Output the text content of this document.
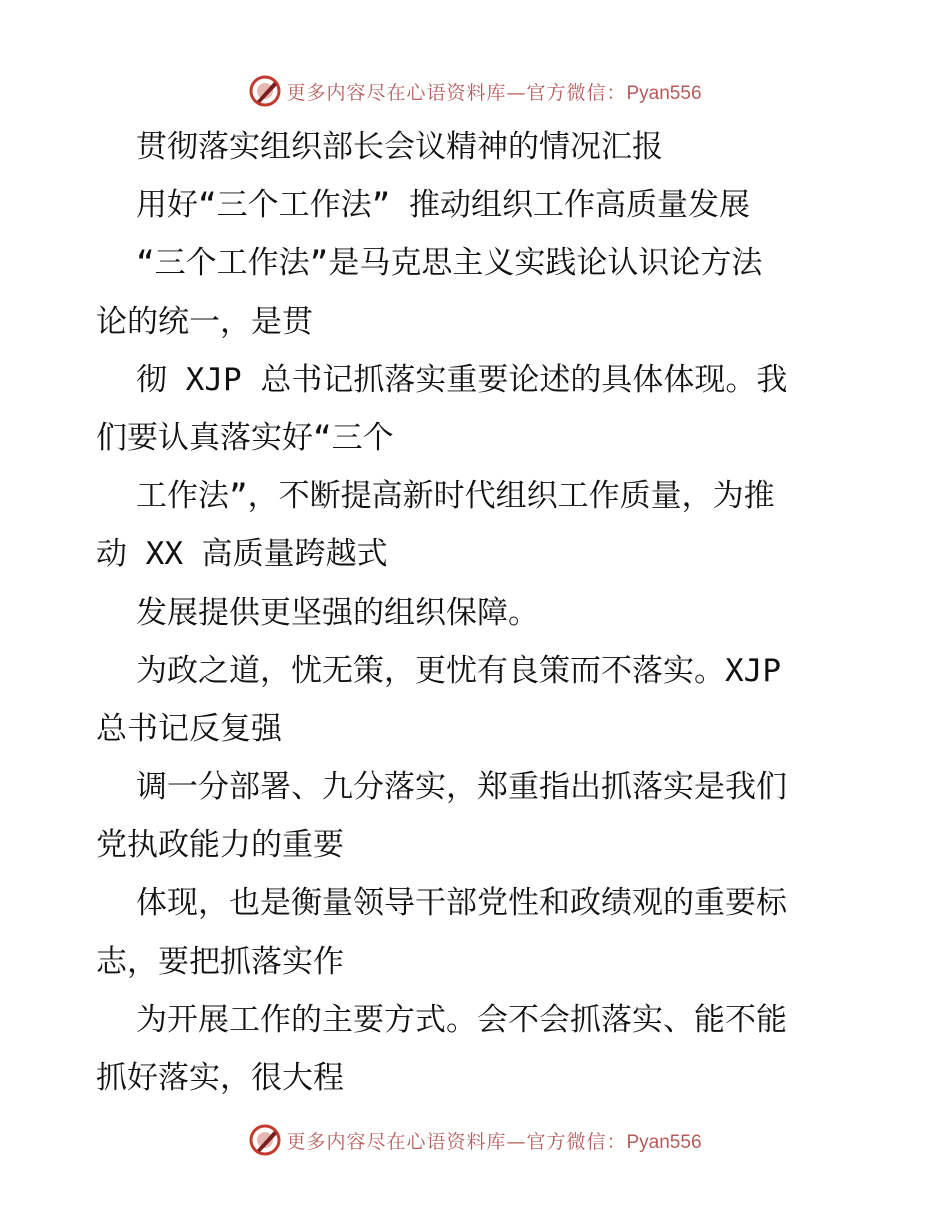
更多内容尽在心语资料库—官方微信：Pyan556
贯彻落实组织部长会议精神的情况汇报
用好“三个工作法” 推动组织工作高质量发展
“三个工作法”是马克思主义实践论认识论方法
论的统一，是贯
彻 XJP 总书记抓落实重要论述的具体体现。我
们要认真落实好“三个
工作法”，不断提高新时代组织工作质量，为推
动 XX 高质量跨越式
发展提供更坚强的组织保障。
为政之道，忧无策，更忧有良策而不落实。XJP
总书记反复强
调一分部署、九分落实，郑重指出抓落实是我们
党执政能力的重要
体现，也是衡量领导干部党性和政绩观的重要标
志，要把抓落实作
为开展工作的主要方式。会不会抓落实、能不能
抓好落实，很大程
更多内容尽在心语资料库—官方微信：Pyan556
